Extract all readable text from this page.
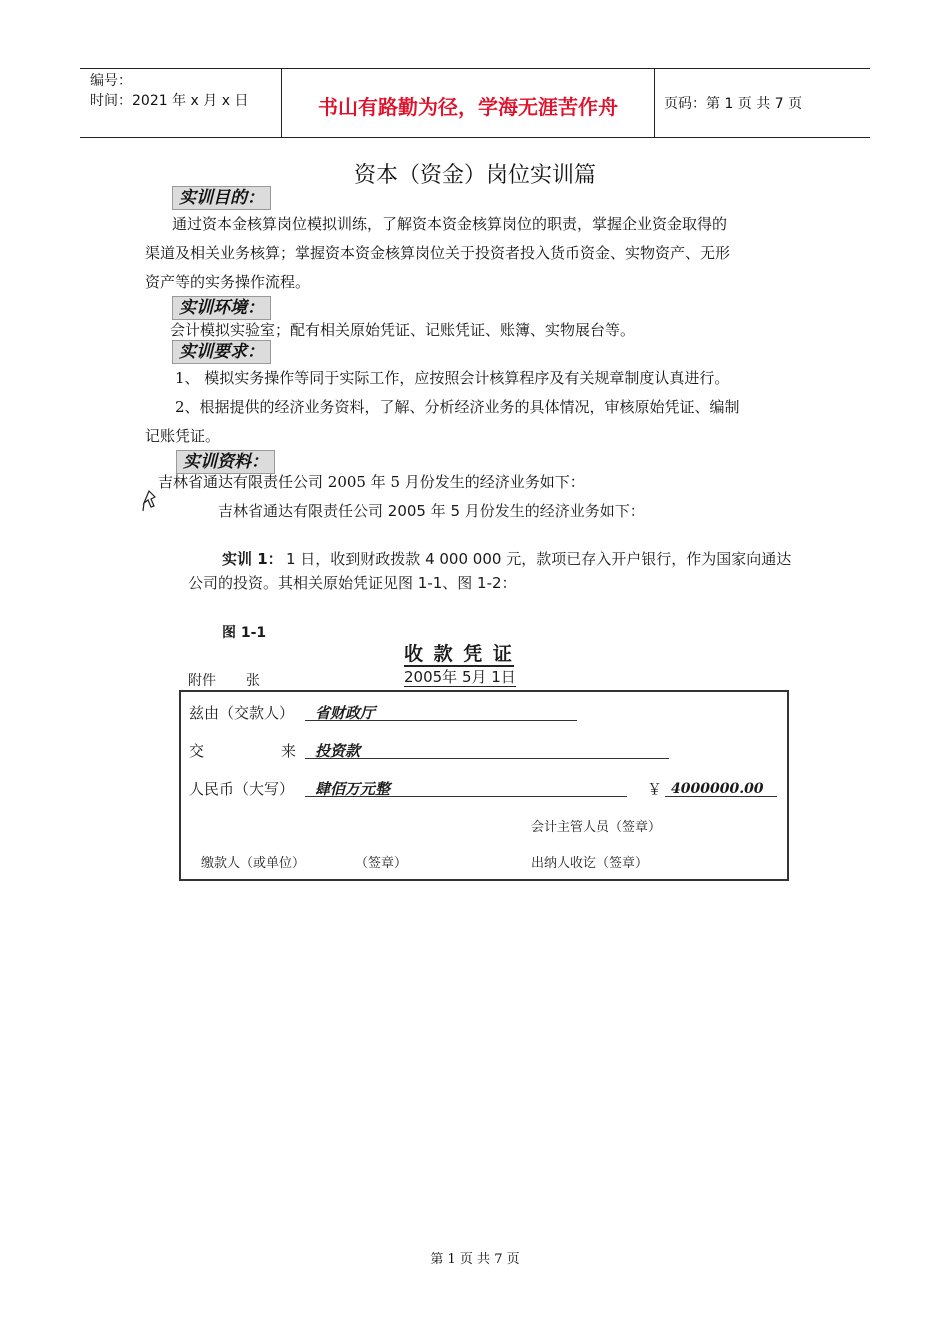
编号：
时间：2021 年 x 月 x 日	书山有路勤为径，学海无涯苦作舟	页码：第 1 页 共 7 页
资本（资金）岗位实训篇
实训目的：
通过资本金核算岗位模拟训练，了解资本资金核算岗位的职责，掌握企业资金取得的
渠道及相关业务核算；掌握资本资金核算岗位关于投资者投入货币资金、实物资产、无形
资产等的实务操作流程。
实训环境：
会计模拟实验室；配有相关原始凭证、记账凭证、账簿、实物展台等。
实训要求：
1、 模拟实务操作等同于实际工作，应按照会计核算程序及有关规章制度认真进行。
2、根据提供的经济业务资料，了解、分析经济业务的具体情况，审核原始凭证、编制
记账凭证。
实训资料：
吉林省通达有限责任公司 2005 年 5 月份发生的经济业务如下：
吉林省通达有限责任公司 2005 年 5 月份发生的经济业务如下：
实训 1： 1 日，收到财政拨款 4 000 000 元，款项已存入开户银行，作为国家向通达
公司的投资。其相关原始凭证见图 1-1、图 1-2：
图 1-1
收 款 凭 证
附件 张	2005年 5月 1日
兹由（交款人）	省财政厅
交	来	投资款
人民币（大写）	肆佰万元整	￥ 4000000.00
会计主管人员（签章）
缴款人（或单位）	（签章）	出纳人收讫（签章）
第 1 页 共 7 页
